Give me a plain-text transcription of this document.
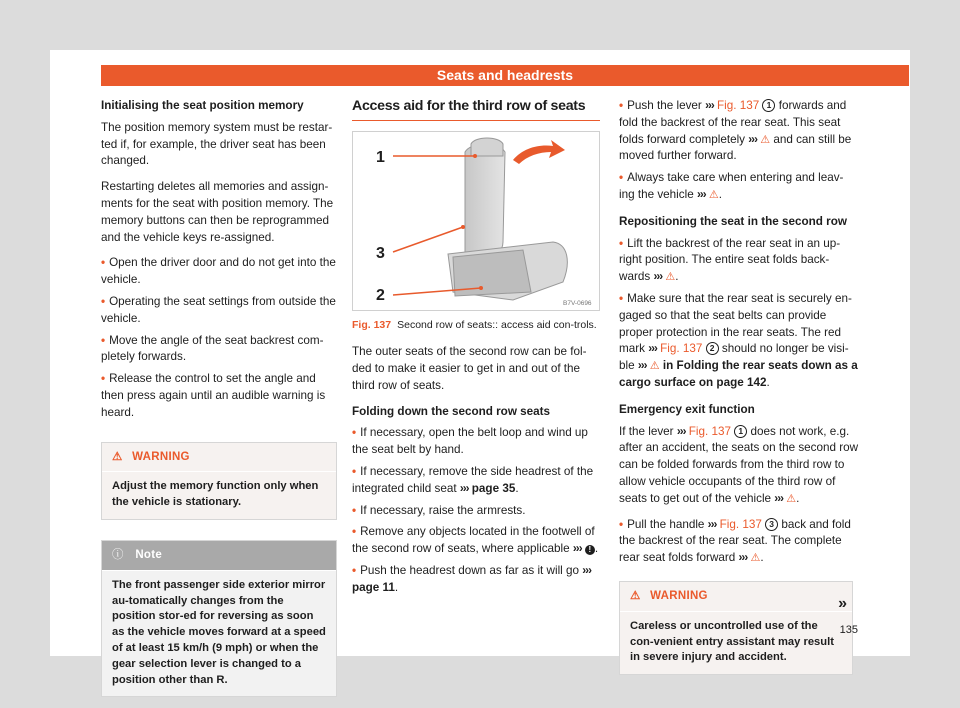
Seats and headrests

Initialising the seat position memory

The position memory system must be restar-ted if, for example, the driver seat has been changed.

Restarting deletes all memories and assign-ments for the seat with position memory. The memory buttons can then be reprogrammed and the vehicle keys re-assigned.

• Open the driver door and do not get into the vehicle.

• Operating the seat settings from outside the vehicle.

• Move the angle of the seat backrest com-pletely forwards.

• Release the control to set the angle and then press again until an audible warning is heard.

⚠ WARNING
Adjust the memory function only when the vehicle is stationary.
ⓘ Note
The front passenger side exterior mirror au-tomatically changes from the position stor-ed for reversing as soon as the vehicle moves forward at a speed of at least 15 km/h (9 mph) or when the gear selection lever is changed to a position other than R.
Access aid for the third row of seats
1
3
2	B7V-0696
Fig. 137 Second row of seats:: access aid con-trols.

The outer seats of the second row can be fol-ded to make it easier to get in and out of the third row of seats.

Folding down the second row seats

• If necessary, open the belt loop and wind up the seat belt by hand.

• If necessary, remove the side headrest of the integrated child seat ››› page 35.

• If necessary, raise the armrests.

• Remove any objects located in the footwell of the second row of seats, where applicable ››› ! .

• Push the headrest down as far as it will go ››› page 11.

• Push the lever ››› Fig. 137 1 forwards and fold the backrest of the rear seat. This seat folds forward completely ››› ⚠ and can still be moved further forward.

• Always take care when entering and leav-ing the vehicle ››› ⚠.

Repositioning the seat in the second row

• Lift the backrest of the rear seat in an up-right position. The entire seat folds back-wards ››› ⚠.

• Make sure that the rear seat is securely en-gaged so that the seat belts can provide proper protection in the rear seats. The red mark ››› Fig. 137 2 should no longer be visi-ble ››› ⚠ in Folding the rear seats down as a cargo surface on page 142.

Emergency exit function

If the lever ››› Fig. 137 1 does not work, e.g. after an accident, the seats on the second row can be folded forwards from the third row to allow vehicle occupants of the third row of seats to get out of the vehicle ››› ⚠.

• Pull the handle ››› Fig. 137 3 back and fold the backrest of the rear seat. The complete rear seat folds forward ››› ⚠.

⚠ WARNING
Careless or uncontrolled use of the con-venient entry assistant may result in severe injury and accident.
»
135
